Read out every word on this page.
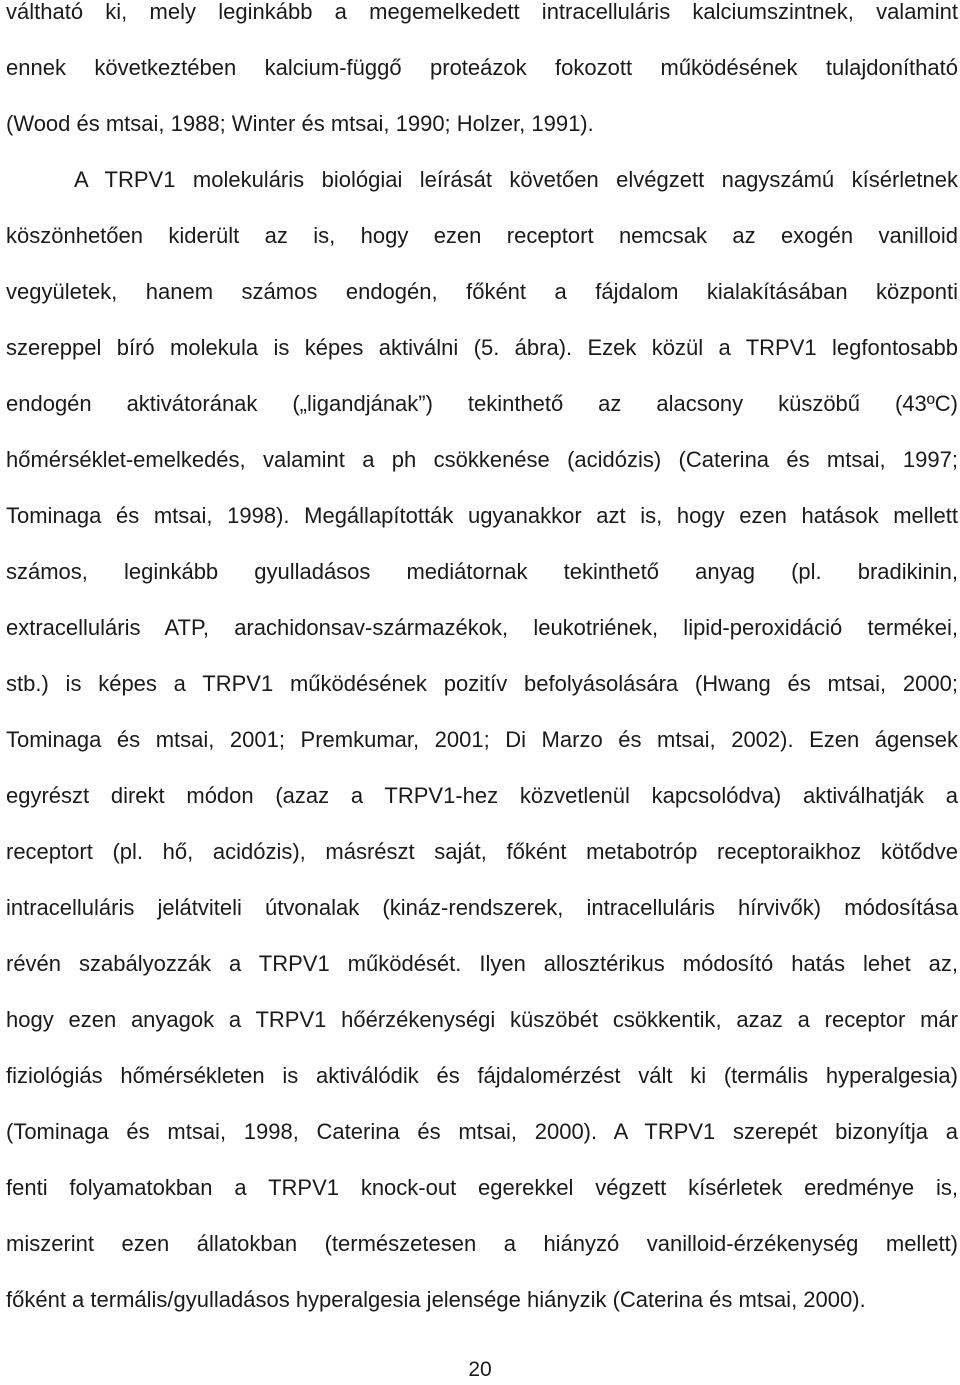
váltható ki, mely leginkább a megemelkedett intracelluláris kalciumszintnek, valamint
ennek következtében kalcium-függő proteázok fokozott működésének tulajdonítható
(Wood és mtsai, 1988; Winter és mtsai, 1990; Holzer, 1991).
A TRPV1 molekuláris biológiai leírását követően elvégzett nagyszámú kísérletnek
köszönhetően kiderült az is, hogy ezen receptort nemcsak az exogén vanilloid
vegyületek, hanem számos endogén, főként a fájdalom kialakításában központi
szereppel bíró molekula is képes aktiválni (5. ábra). Ezek közül a TRPV1 legfontosabb
endogén aktivátorának („ligandjának”) tekinthető az alacsony küszöbű (43ºC)
hőmérséklet-emelkedés, valamint a ph csökkenése (acidózis) (Caterina és mtsai, 1997;
Tominaga és mtsai, 1998). Megállapították ugyanakkor azt is, hogy ezen hatások mellett
számos, leginkább gyulladásos mediátornak tekinthető anyag (pl. bradikinin,
extracelluláris ATP, arachidonsav-származékok, leukotriének, lipid-peroxidáció termékei,
stb.) is képes a TRPV1 működésének pozitív befolyásolására (Hwang és mtsai, 2000;
Tominaga és mtsai, 2001; Premkumar, 2001; Di Marzo és mtsai, 2002). Ezen ágensek
egyrészt direkt módon (azaz a TRPV1-hez közvetlenül kapcsolódva) aktiválhatják a
receptort (pl. hő, acidózis), másrészt saját, főként metabotróp receptoraikhoz kötődve
intracelluláris jelátviteli útvonalak (kináz-rendszerek, intracelluláris hírvivők) módosítása
révén szabályozzák a TRPV1 működését. Ilyen allosztérikus módosító hatás lehet az,
hogy ezen anyagok a TRPV1 hőérzékenységi küszöbét csökkentik, azaz a receptor már
fiziológiás hőmérsékleten is aktiválódik és fájdalomérzést vált ki (termális hyperalgesia)
(Tominaga és mtsai, 1998, Caterina és mtsai, 2000). A TRPV1 szerepét bizonyítja a
fenti folyamatokban a TRPV1 knock-out egerekkel végzett kísérletek eredménye is,
miszerint ezen állatokban (természetesen a hiányzó vanilloid-érzékenység mellett)
főként a termális/gyulladásos hyperalgesia jelensége hiányzik (Caterina és mtsai, 2000).
20
